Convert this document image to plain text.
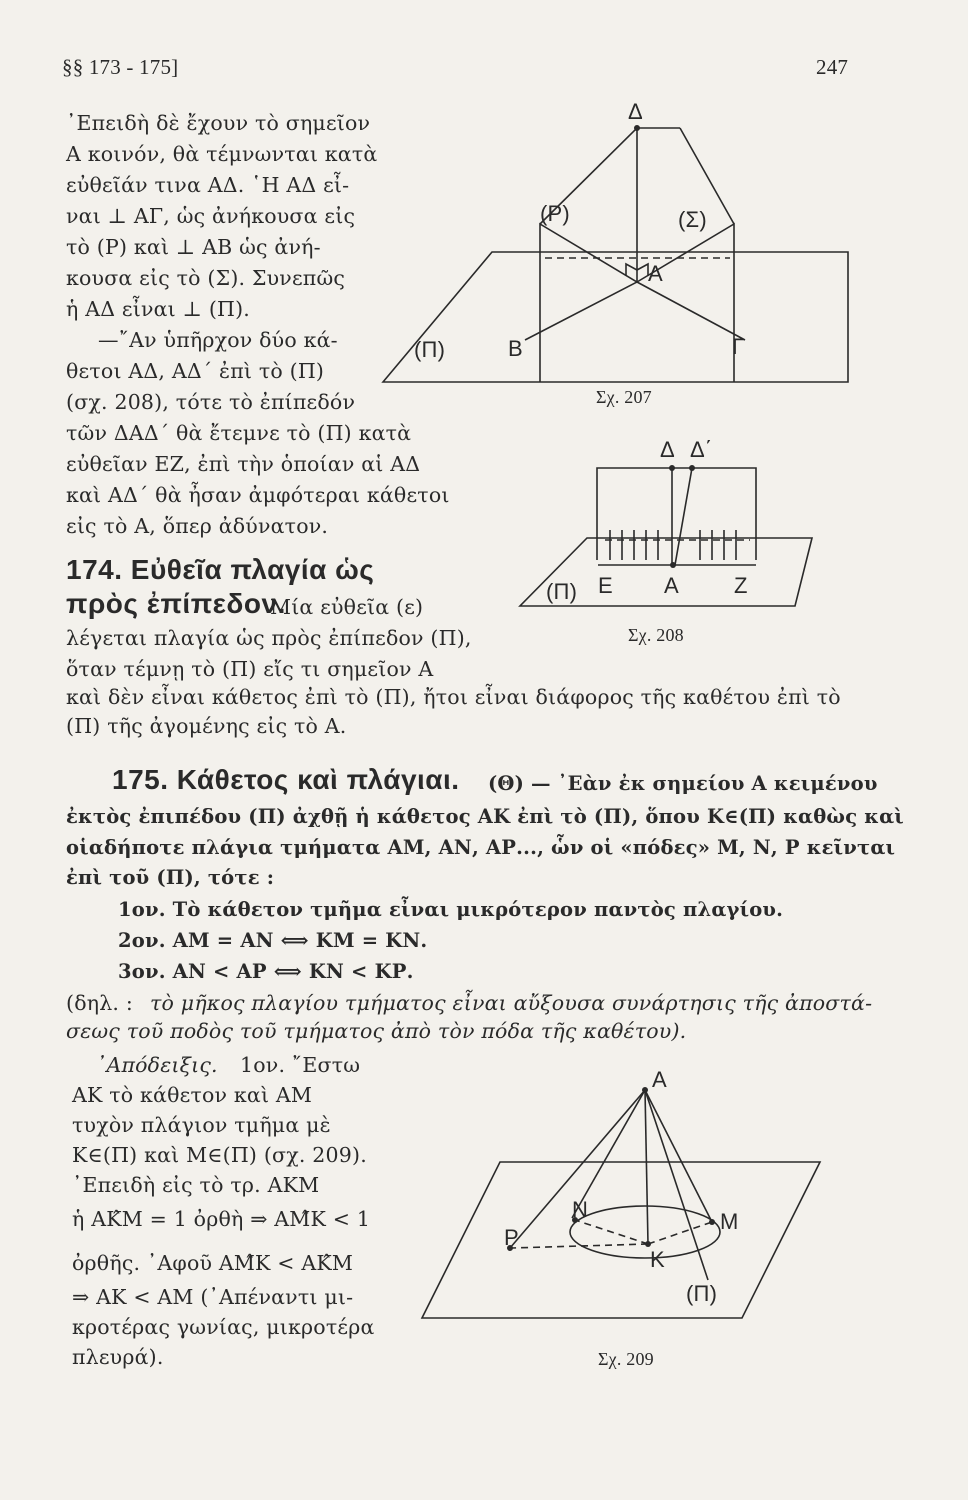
§§ 173 - 175]	247
᾿Επειδὴ δὲ ἔχουν τὸ σημεῖον
Α κοινόν, θὰ τέμνωνται κατὰ
εὐθεῖάν τινα ΑΔ. ῾Η ΑΔ εἶ-
ναι ⊥ ΑΓ, ὡς ἀνήκουσα εἰς
τὸ (Ρ) καὶ ⊥ ΑΒ ὡς ἀνή-
κουσα εἰς τὸ (Σ). Συνεπῶς
ἡ ΑΔ εἶναι ⊥ (Π).
—῎Αν ὑπῆρχον δύο κά-
θετοι ΑΔ, ΑΔ΄ ἐπὶ τὸ (Π)
(σχ. 208), τότε τὸ ἐπίπεδόν
τῶν ΔΑΔ΄ θὰ ἔτεμνε τὸ (Π) κατὰ
εὐθεῖαν ΕΖ, ἐπὶ τὴν ὁποίαν αἱ ΑΔ
καὶ ΑΔ΄ θὰ ἦσαν ἀμφότεραι κάθετοι
εἰς τὸ Α, ὅπερ ἀδύνατον.
174. Εὐθεῖα πλαγία ὡς
πρὸς ἐπίπεδον.
Μία εὐθεῖα (ε)
λέγεται πλαγία ὡς πρὸς ἐπίπεδον (Π),
ὅταν τέμνῃ τὸ (Π) εἴς τι σημεῖον Α
καὶ δὲν εἶναι κάθετος ἐπὶ τὸ (Π), ἤτοι εἶναι διάφορος τῆς καθέτου ἐπὶ τὸ
(Π) τῆς ἀγομένης εἰς τὸ Α.
175. Κάθετος καὶ πλάγιαι. (Θ) — ᾿Εὰν ἐκ σημείου Α κειμένου
ἐκτὸς ἐπιπέδου (Π) ἀχθῇ ἡ κάθετος ΑΚ ἐπὶ τὸ (Π), ὅπου Κ∈(Π) καθὼς καὶ
οἱαδήποτε πλάγια τμήματα ΑΜ, ΑΝ, ΑΡ..., ὧν οἱ «πόδες» Μ, Ν, Ρ κεῖνται
ἐπὶ τοῦ (Π), τότε :
1ον. Τὸ κάθετον τμῆμα εἶναι μικρότερον παντὸς πλαγίου.
2ον. ΑΜ = ΑΝ ⟺ ΚΜ = ΚΝ.
3ον. ΑΝ < ΑΡ ⟺ ΚΝ < ΚΡ.
(δηλ. : τὸ μῆκος πλαγίου τμήματος εἶναι αὔξουσα συνάρτησις τῆς ἀποστά-
σεως τοῦ ποδὸς τοῦ τμήματος ἀπὸ τὸν πόδα τῆς καθέτου).
᾿Απόδειξις. 1ον. ῎Εστω
ΑΚ τὸ κάθετον καὶ ΑΜ
τυχὸν πλάγιον τμῆμα μὲ
Κ∈(Π) καὶ Μ∈(Π) (σχ. 209).
᾿Επειδὴ εἰς τὸ τρ. ΑΚΜ
ἡ ΑΚ̂Μ = 1 ὀρθὴ ⇒ ΑΜ̂Κ < 1
ὀρθῆς. ᾿Αφοῦ ΑΜ̂Κ < ΑΚ̂Μ
⇒ ΑΚ < ΑΜ (᾿Απέναντι μι-
κροτέρας γωνίας, μικροτέρα
πλευρά).
Δ
(Ρ)	(Σ)
Α
Β	Γ
(Π)
Σχ. 207
Δ Δ΄
(Π) Ε Α	Ζ
Σχ. 208
Α
Ν	Μ
Κ
Ρ
(Π)
Σχ. 209
